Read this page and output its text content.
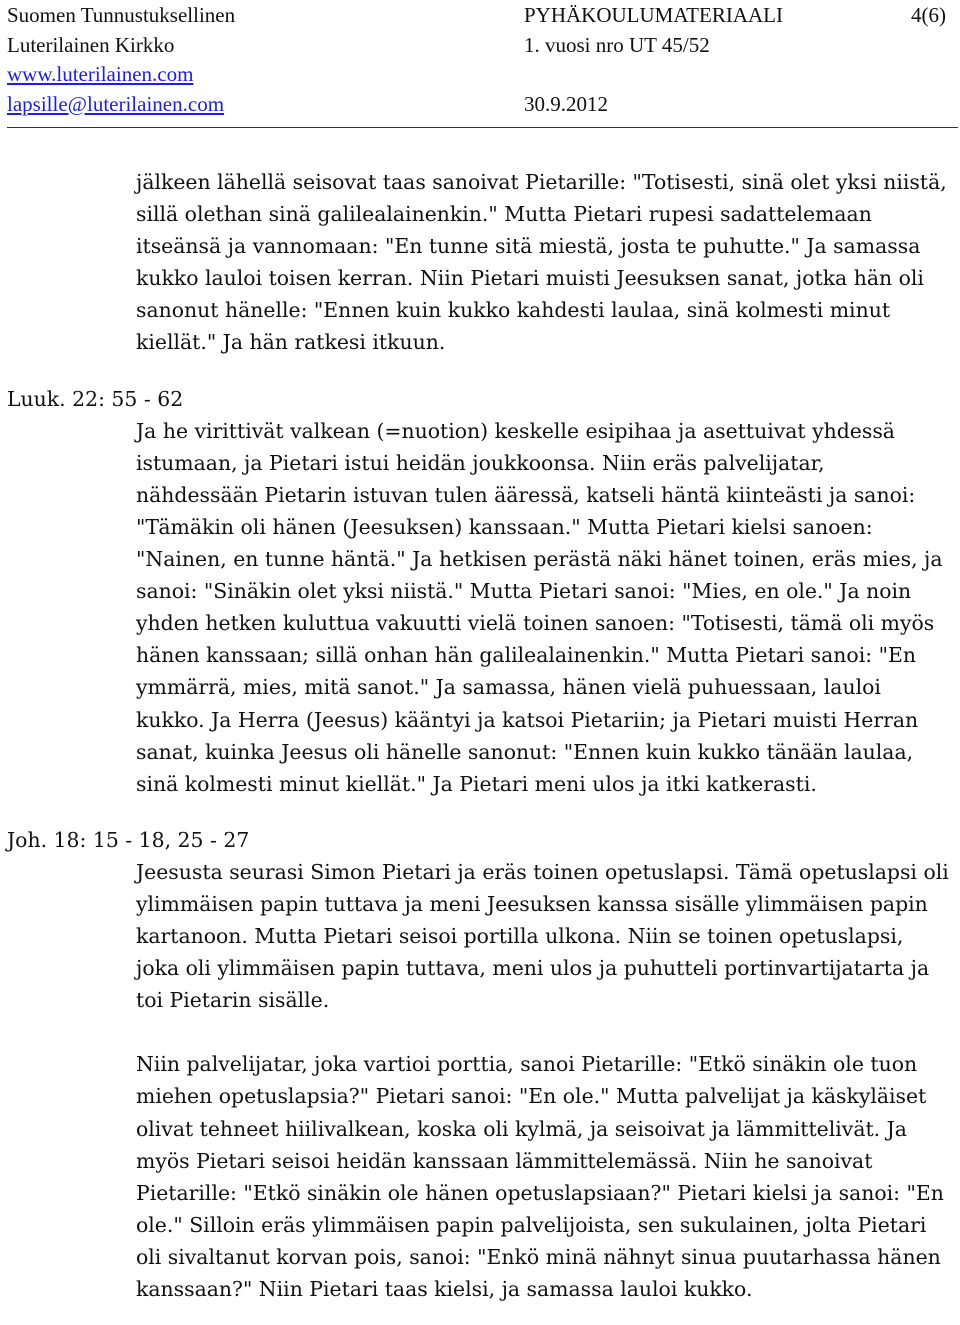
Suomen Tunnustuksellinen
Luterilainen Kirkko
www.luterilainen.com
lapsille@luterilainen.com
PYHÄKOULUMATERIAALI
1. vuosi nro UT 45/52

30.9.2012
4(6)
jälkeen lähellä seisovat taas sanoivat Pietarille: "Totisesti, sinä olet yksi niistä,
sillä olethan sinä galilealainenkin." Mutta Pietari rupesi sadattelemaan
itseänsä ja vannomaan: "En tunne sitä miestä, josta te puhutte." Ja samassa
kukko lauloi toisen kerran. Niin Pietari muisti Jeesuksen sanat, jotka hän oli
sanonut hänelle: "Ennen kuin kukko kahdesti laulaa, sinä kolmesti minut
kiellät." Ja hän ratkesi itkuun.
Luuk. 22: 55 - 62
Ja he virittivät valkean (=nuotion) keskelle esipihaa ja asettuivat yhdessä
istumaan, ja Pietari istui heidän joukkoonsa. Niin eräs palvelijatar,
nähdessään Pietarin istuvan tulen ääressä, katseli häntä kiinteästi ja sanoi:
"Tämäkin oli hänen (Jeesuksen) kanssaan." Mutta Pietari kielsi sanoen:
"Nainen, en tunne häntä." Ja hetkisen perästä näki hänet toinen, eräs mies, ja
sanoi: "Sinäkin olet yksi niistä." Mutta Pietari sanoi: "Mies, en ole." Ja noin
yhden hetken kuluttua vakuutti vielä toinen sanoen: "Totisesti, tämä oli myös
hänen kanssaan; sillä onhan hän galilealainenkin." Mutta Pietari sanoi: "En
ymmärrä, mies, mitä sanot." Ja samassa, hänen vielä puhuessaan, lauloi
kukko. Ja Herra (Jeesus) kääntyi ja katsoi Pietariin; ja Pietari muisti Herran
sanat, kuinka Jeesus oli hänelle sanonut: "Ennen kuin kukko tänään laulaa,
sinä kolmesti minut kiellät." Ja Pietari meni ulos ja itki katkerasti.
Joh. 18: 15 - 18, 25 - 27
Jeesusta seurasi Simon Pietari ja eräs toinen opetuslapsi. Tämä opetuslapsi oli
ylimmäisen papin tuttava ja meni Jeesuksen kanssa sisälle ylimmäisen papin
kartanoon. Mutta Pietari seisoi portilla ulkona. Niin se toinen opetuslapsi,
joka oli ylimmäisen papin tuttava, meni ulos ja puhutteli portinvartijatarta ja
toi Pietarin sisälle.
Niin palvelijatar, joka vartioi porttia, sanoi Pietarille: "Etkö sinäkin ole tuon
miehen opetuslapsia?" Pietari sanoi: "En ole." Mutta palvelijat ja käskyläiset
olivat tehneet hiilivalkean, koska oli kylmä, ja seisoivat ja lämmittelivät. Ja
myös Pietari seisoi heidän kanssaan lämmittelemässä. Niin he sanoivat
Pietarille: "Etkö sinäkin ole hänen opetuslapsiaan?" Pietari kielsi ja sanoi: "En
ole." Silloin eräs ylimmäisen papin palvelijoista, sen sukulainen, jolta Pietari
oli sivaltanut korvan pois, sanoi: "Enkö minä nähnyt sinua puutarhassa hänen
kanssaan?" Niin Pietari taas kielsi, ja samassa lauloi kukko.
